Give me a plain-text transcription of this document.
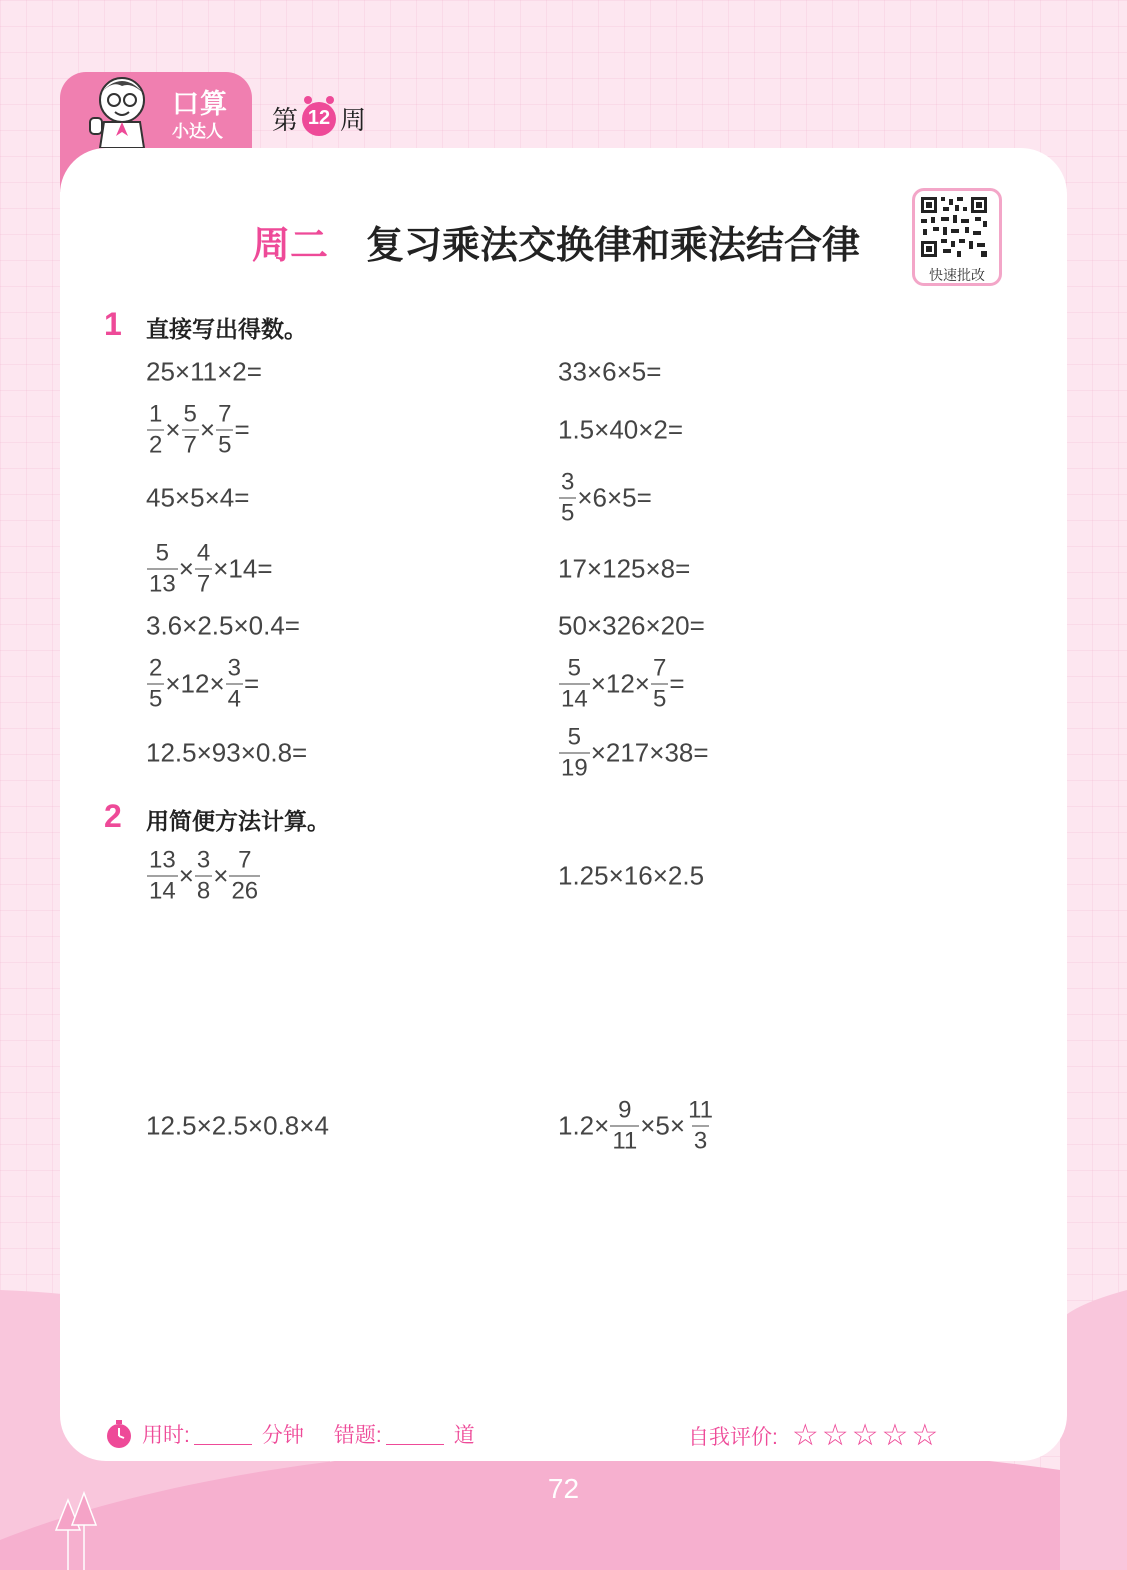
口算
小达人 第 12 周
周二 复习乘法交换律和乘法结合律
快速批改
1 直接写出得数。
2 用简便方法计算。
用时:	分钟 错题:	道	自我评价: ☆☆☆☆☆
72
25×11×2=	33×6×5=
$\frac{1}{2} \times \frac{5}{7} \times \frac{7}{5}$ =	1.5×40×2=
45×5×4=	$\frac{3}{5} \times 6\times 5=$
$\frac{5}{13} \times \frac{4}{7} \times 14=$	17×125×8=
3.6×2.5×0.4=	50×326×20=
$\frac{2}{5} \times 12\times \frac{3}{4}$ =	$\frac{5}{14} \times 12\times \frac{7}{5}$ =
12.5×93×0.8=	$\frac{5}{19} \times 217\times 38=$
$\frac{13}{14} \times \frac{3}{8} \times \frac{7}{26}$	1.25×16×2.5
12.5×2.5×0.8×4	$1.2\times \frac{9}{11} \times 5\times \frac{11}{3}$
